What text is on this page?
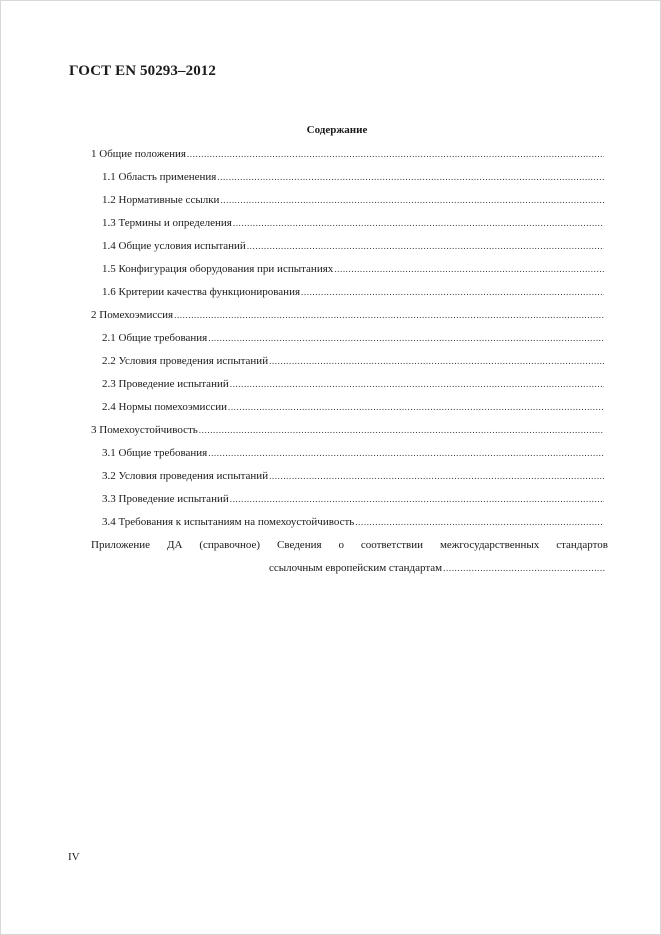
ГОСТ EN 50293–2012
Содержание
1 Общие положения
.....
1.1 Область применения
.....
1.2 Нормативные ссылки
.....
1.3 Термины и определения
.....
1.4 Общие условия испытаний
.....
1.5 Конфигурация оборудования при испытаниях
.....
1.6 Критерии качества функционирования
.....
2 Помехоэмиссия
.....
2.1 Общие требования
.....
2.2 Условия проведения испытаний
.....
2.3 Проведение испытаний
.....
2.4 Нормы помехоэмиссии
.....
3 Помехоустойчивость
.....
3.1 Общие требования
.....
3.2 Условия проведения испытаний
.....
3.3 Проведение испытаний
.....
3.4 Требования к испытаниям на помехоустойчивость
.....
Приложение ДА (справочное) Сведения о соответствии межгосударственных стандартов
ссылочным европейским стандартам
.....
IV
